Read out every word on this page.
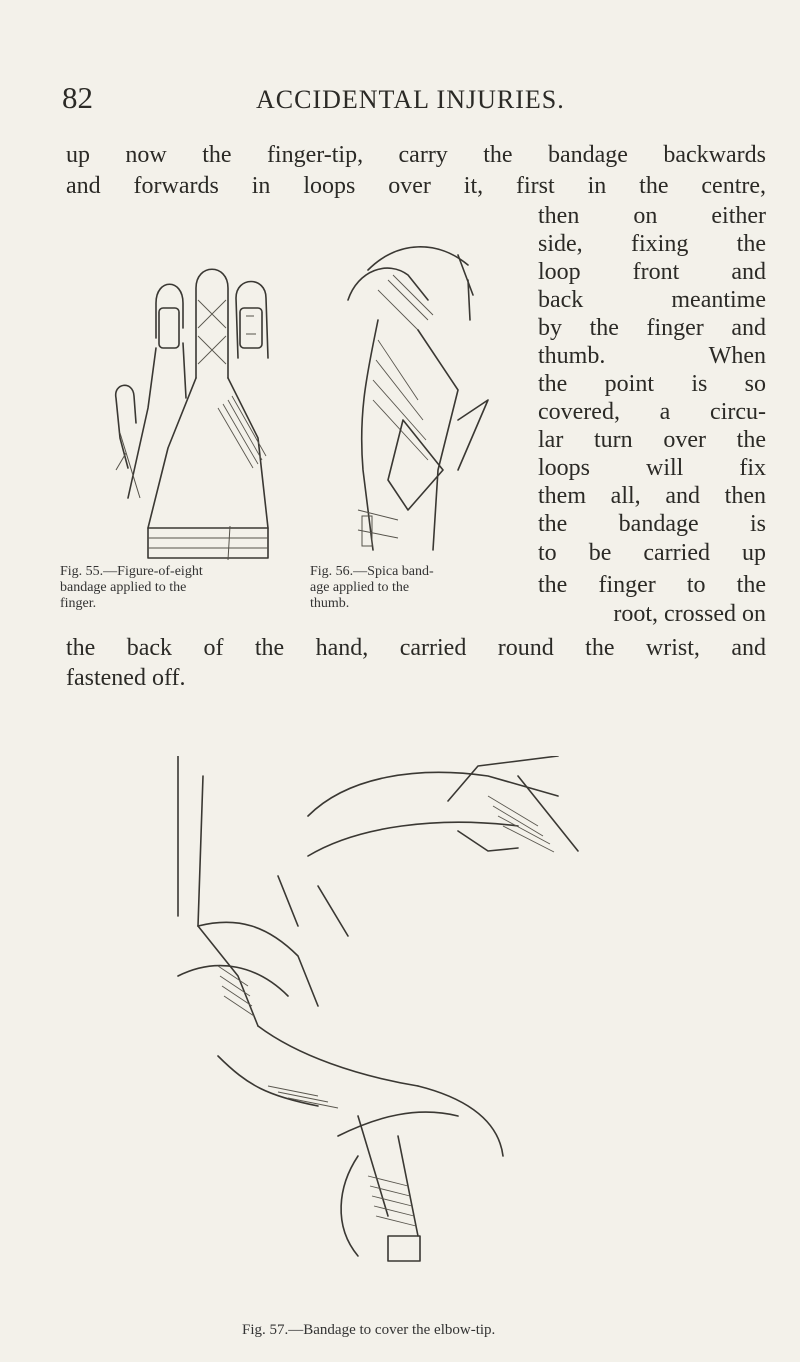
82	ACCIDENTAL INJURIES.
up now the finger-tip, carry the bandage backwards
and forwards in loops over it, first in the centre,
then on either
side, fixing the
loop front and
back meantime
by the finger and
thumb. When
the point is so
covered, a circu-
lar turn over the
loops will fix
them all, and then
the bandage is
to be carried up
the finger to the
root, crossed on
the back of the hand, carried round the wrist, and
fastened off.
Fig. 55.—Figure-of-eight
bandage applied to the
finger.
Fig. 56.—Spica band-
age applied to the
thumb.
Fig. 57.—Bandage to cover the elbow-tip.
